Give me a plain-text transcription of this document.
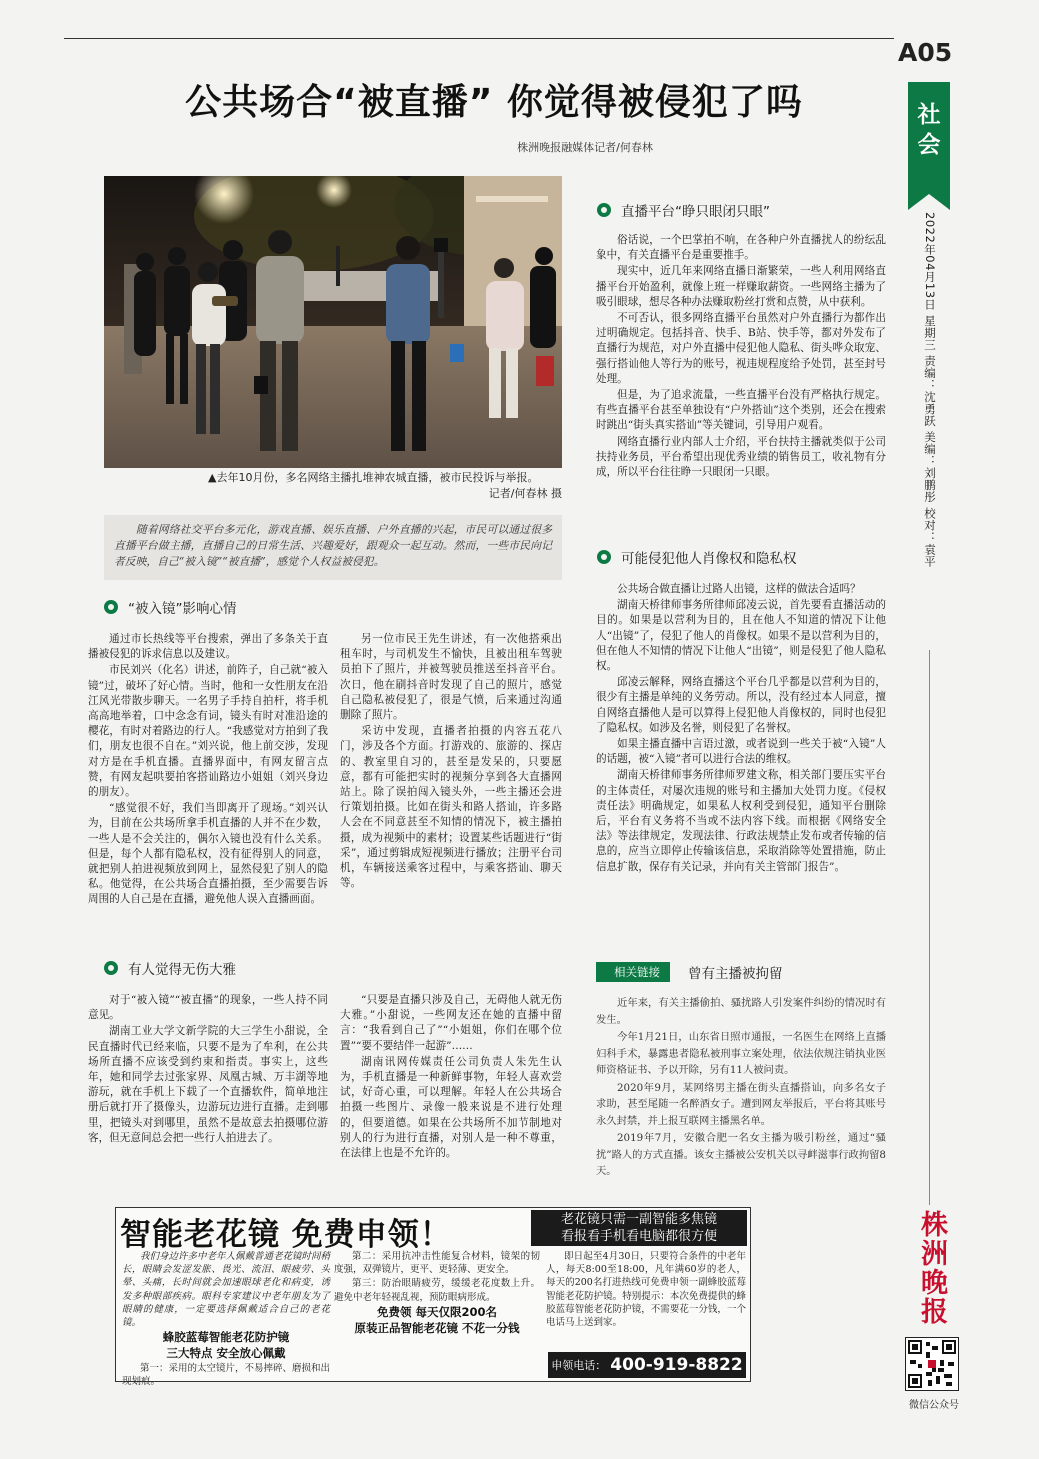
A05
社会
2022年04月13日 星期三 责编：沈勇跃 美编：刘鹏彤 校对：袁平
株洲晚报
微信公众号
公共场合“被直播” 你觉得被侵犯了吗
株洲晚报融媒体记者/何春林
▲去年10月份，多名网络主播扎堆神农城直播，被市民投诉与举报。
记者/何春林 摄
随着网络社交平台多元化，游戏直播、娱乐直播、户外直播的兴起，市民可以通过很多直播平台做主播，直播自己的日常生活、兴趣爱好，跟观众一起互动。然而，一些市民向记者反映，自己“被入镜”“被直播”，感觉个人权益被侵犯。
“被入镜”影响心情

通过市长热线等平台搜索，弹出了多条关于直播被侵犯的诉求信息以及建议。

市民刘兴（化名）讲述，前阵子，自己就“被入镜”过，破坏了好心情。当时，他和一女性朋友在沿江风光带散步聊天。一名男子手持自拍杆，将手机高高地举着，口中念念有词，镜头有时对准沿途的樱花，有时对着路边的行人。“我感觉对方拍到了我们，朋友也很不自在。”刘兴说，他上前交涉，发现对方是在手机直播。直播界面中，有网友留言点赞，有网友起哄要拍客搭讪路边小姐姐（刘兴身边的朋友）。

“感觉很不好，我们当即离开了现场。”刘兴认为，目前在公共场所拿手机直播的人并不在少数，一些人是不会关注的，偶尔入镜也没有什么关系。但是，每个人都有隐私权，没有征得别人的同意，就把别人拍进视频放到网上，显然侵犯了别人的隐私。他觉得，在公共场合直播拍摄，至少需要告诉周围的人自己是在直播，避免他人误入直播画面。

另一位市民王先生讲述，有一次他搭乘出租车时，与司机发生不愉快，且被出租车驾驶员拍下了照片，并被驾驶员推送至抖音平台。次日，他在刷抖音时发现了自己的照片，感觉自己隐私被侵犯了，很是气愤，后来通过沟通删除了照片。

采访中发现，直播者拍摄的内容五花八门，涉及各个方面。打游戏的、旅游的、探店的、教室里自习的，甚至是发呆的，只要愿意，都有可能把实时的视频分享到各大直播网站上。除了误拍闯入镜头外，一些主播还会进行策划拍摄。比如在街头和路人搭讪，许多路人会在不同意甚至不知情的情况下，被主播拍摄，成为视频中的素材；设置某些话题进行“街采”，通过剪辑成短视频进行播放；注册平台司机，车辆接送乘客过程中，与乘客搭讪、聊天等。

有人觉得无伤大雅

对于“被入镜”“被直播”的现象，一些人持不同意见。

湖南工业大学文新学院的大三学生小甜说，全民直播时代已经来临，只要不是为了牟利，在公共场所直播不应该受到约束和指责。事实上，这些年，她和同学去过张家界、凤凰古城、万丰湖等地游玩，就在手机上下载了一个直播软件，简单地注册后就打开了摄像头，边游玩边进行直播。走到哪里，把镜头对到哪里，虽然不是故意去拍摄哪位游客，但无意间总会把一些行人拍进去了。

“只要是直播只涉及自己，无碍他人就无伤大雅。”小甜说，一些网友还在她的直播中留言：“我看到自己了”“小姐姐，你们在哪个位置”“要不要结伴一起游”……

湖南讯网传媒责任公司负责人朱先生认为，手机直播是一种新鲜事物，年轻人喜欢尝试，好奇心重，可以理解。年轻人在公共场合拍摄一些图片、录像一般来说是不进行处理的，但要道德。如果在公共场所不加节制地对别人的行为进行直播，对别人是一种不尊重，在法律上也是不允许的。

直播平台“睁只眼闭只眼”

俗话说，一个巴掌拍不响，在各种户外直播扰人的纷纭乱象中，有关直播平台是重要推手。

现实中，近几年来网络直播日渐繁荣，一些人利用网络直播平台开始盈利，就像上班一样赚取薪资。一些网络主播为了吸引眼球，想尽各种办法赚取粉丝打赏和点赞，从中获利。

不可否认，很多网络直播平台虽然对户外直播行为都作出过明确规定。包括抖音、快手、B站、快手等，都对外发布了直播行为规范，对户外直播中侵犯他人隐私、街头哗众取宠、强行搭讪他人等行为的账号，视违规程度给予处罚，甚至封号处理。

但是，为了追求流量，一些直播平台没有严格执行规定。有些直播平台甚至单独设有“户外搭讪”这个类别，还会在搜索时跳出“街头真实搭讪”等关键词，引导用户观看。

网络直播行业内部人士介绍，平台扶持主播就类似于公司扶持业务员，平台希望出现优秀业绩的销售员工，收礼物有分成，所以平台往往睁一只眼闭一只眼。

可能侵犯他人肖像权和隐私权

公共场合做直播让过路人出镜，这样的做法合适吗？

湖南天桥律师事务所律师邱凌云说，首先要看直播活动的目的。如果是以营利为目的，且在他人不知道的情况下让他人“出镜”了，侵犯了他人的肖像权。如果不是以营利为目的，但在他人不知情的情况下让他人“出镜”，则是侵犯了他人隐私权。

邱凌云解释，网络直播这个平台几乎都是以营利为目的，很少有主播是单纯的义务劳动。所以，没有经过本人同意，擅自网络直播他人是可以算得上侵犯他人肖像权的，同时也侵犯了隐私权。如涉及名誉，则侵犯了名誉权。

如果主播直播中言语过激，或者说到一些关于被“入镜”人的话题，被“入镜”者可以进行合法的维权。

湖南天桥律师事务所律师罗建文称，相关部门要压实平台的主体责任，对屡次违规的账号和主播加大处罚力度。《侵权责任法》明确规定，如果私人权利受到侵犯，通知平台删除后，平台有义务将不当或不法内容下线。而根据《网络安全法》等法律规定，发现法律、行政法规禁止发布或者传输的信息的，应当立即停止传输该信息，采取消除等处置措施，防止信息扩散，保存有关记录，并向有关主管部门报告”。

相关链接	曾有主播被拘留

近年来，有关主播偷拍、骚扰路人引发案件纠纷的情况时有发生。

今年1月21日，山东省日照市通报，一名医生在网络上直播妇科手术，暴露患者隐私被刑事立案处理，依法依规注销执业医师资格证书、予以开除，另有11人被问责。

2020年9月，某网络男主播在街头直播搭讪，向多名女子求助，甚至尾随一名醉酒女子。遭到网友举报后，平台将其账号永久封禁，并上报互联网主播黑名单。

2019年7月，安徽合肥一名女主播为吸引粉丝，通过“骚扰”路人的方式直播。该女主播被公安机关以寻衅滋事行政拘留8天。

智能老花镜 免费申领！	老花镜只需一副智能多焦镜
看报看手机看电脑都很方便

我们身边许多中老年人佩戴普通老花镜时间稍长，眼睛会发涩发胀、畏光、流泪、眼疲劳、头晕、头痛，长时间就会加速眼球老化和病变，诱发多种眼部疾病。眼科专家建议中老年朋友为了眼睛的健康，一定要选择佩戴适合自己的老花镜。

蜂胶蓝莓智能老花防护镜

三大特点 安全放心佩戴

第一：采用的太空镜片，不易摔碎、磨损和出现划痕。

第二：采用抗冲击性能复合材料，镜架的韧度强，双弹镜片，更平、更轻薄、更安全。

第三：防治眼睛疲劳，缓缓老花度数上升。避免中老年轻视乱视，预防眼病形成。

免费领 每天仅限200名

原装正品智能老花镜 不花一分钱

即日起至4月30日，只要符合条件的中老年人，每天8:00至18:00，凡年满60岁的老人，每天的200名打进热线可免费申领一副蜂胶蓝莓智能老花防护镜。特别提示：本次免费提供的蜂胶蓝莓智能老花防护镜，不需要花一分钱，一个电话马上送到家。

申领电话： 400-919-8822
